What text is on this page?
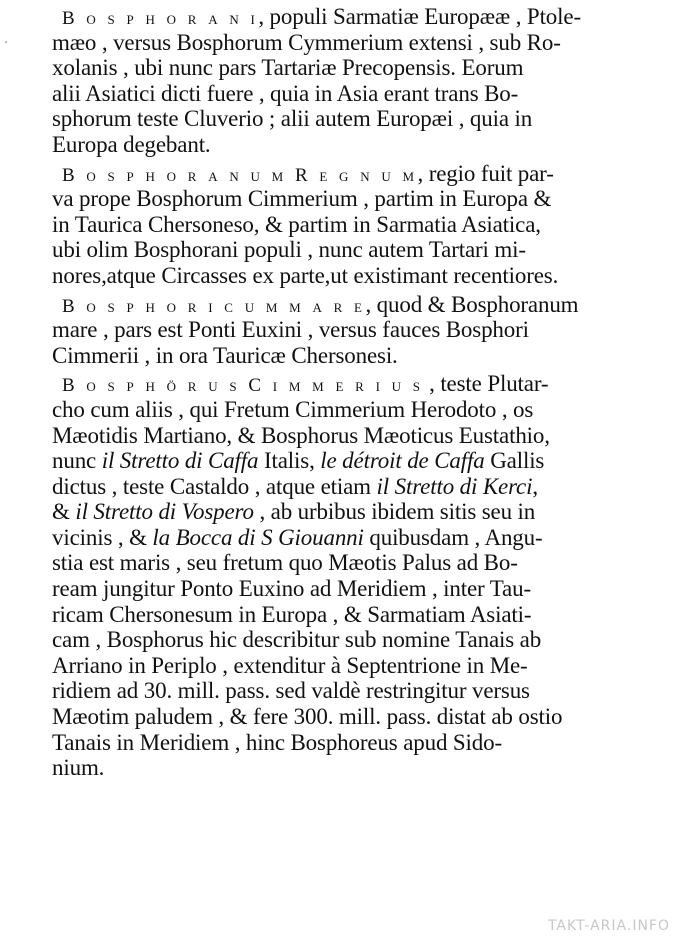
·
B o s p h o r a n i, populi Sarmatiæ Europææ , Ptole-
mæo , versus Bosphorum Cymmerium extensi , sub Ro-
xolanis , ubi nunc pars Tartariæ Precopensis. Eorum
alii Asiatici dicti fuere , quia in Asia erant trans Bo-
sphorum teste Cluverio ; alii autem Europæi , quia in
Europa degebant.
B o s p h o r a n u m R e g n u m, regio fuit par-
va prope Bosphorum Cimmerium , partim in Europa &
in Taurica Chersoneso, & partim in Sarmatia Asiatica,
ubi olim Bosphorani populi , nunc autem Tartari mi-
nores,atque Circasses ex parte,ut existimant recentiores.
B o s p h o r i c u m m a r e, quod & Bosphoranum
mare , pars est Ponti Euxini , versus fauces Bosphori
Cimmerii , in ora Tauricæ Chersonesi.
B o s p h ö r u s C i m m e r i u s , teste Plutar-
cho cum aliis , qui Fretum Cimmerium Herodoto , os
Mæotidis Martiano, & Bosphorus Mæoticus Eustathio,
nunc il Stretto di Caffa Italis, le détroit de Caffa Gallis
dictus , teste Castaldo , atque etiam il Stretto di Kerci,
& il Stretto di Vospero , ab urbibus ibidem sitis seu in
vicinis , & la Bocca di S Giouanni quibusdam , Angu-
stia est maris , seu fretum quo Mæotis Palus ad Bo-
ream jungitur Ponto Euxino ad Meridiem , inter Tau-
ricam Chersonesum in Europa , & Sarmatiam Asiati-
cam , Bosphorus hic describitur sub nomine Tanais ab
Arriano in Periplo , extenditur à Septentrione in Me-
ridiem ad 30. mill. pass. sed valdè restringitur versus
Mæotim paludem , & fere 300. mill. pass. distat ab ostio
Tanais in Meridiem , hinc Bosphoreus apud Sido-
nium.
TAKT-ARIA.INFO
